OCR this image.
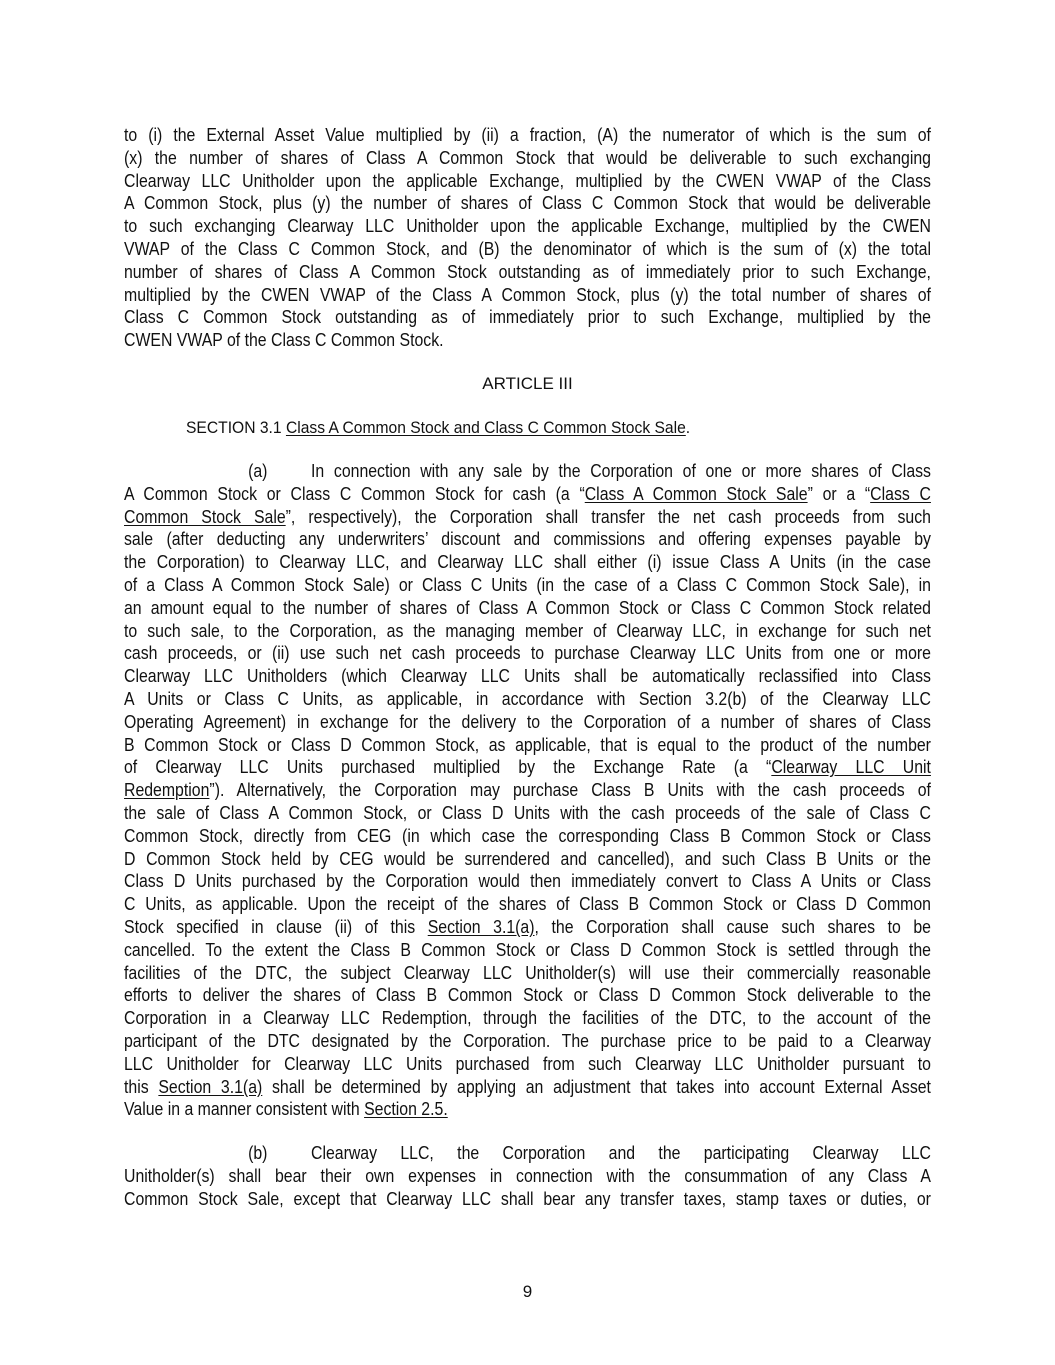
to (i) the External Asset Value multiplied by (ii) a fraction, (A) the numerator of which is the sum of
(x) the number of shares of Class A Common Stock that would be deliverable to such exchanging
Clearway LLC Unitholder upon the applicable Exchange, multiplied by the CWEN VWAP of the Class
A Common Stock, plus (y) the number of shares of Class C Common Stock that would be deliverable
to such exchanging Clearway LLC Unitholder upon the applicable Exchange, multiplied by the CWEN
VWAP of the Class C Common Stock, and (B) the denominator of which is the sum of (x) the total
number of shares of Class A Common Stock outstanding as of immediately prior to such Exchange,
multiplied by the CWEN VWAP of the Class A Common Stock, plus (y) the total number of shares of
Class C Common Stock outstanding as of immediately prior to such Exchange, multiplied by the
CWEN VWAP of the Class C Common Stock.
ARTICLE III
SECTION 3.1 Class A Common Stock and Class C Common Stock Sale.
In connection with any sale by the Corporation of one or more shares of Class
(a)
A Common Stock or Class C Common Stock for cash (a “Class A Common Stock Sale” or a “Class C
Common Stock Sale”, respectively), the Corporation shall transfer the net cash proceeds from such
sale (after deducting any underwriters’ discount and commissions and offering expenses payable by
the Corporation) to Clearway LLC, and Clearway LLC shall either (i) issue Class A Units (in the case
of a Class A Common Stock Sale) or Class C Units (in the case of a Class C Common Stock Sale), in
an amount equal to the number of shares of Class A Common Stock or Class C Common Stock related
to such sale, to the Corporation, as the managing member of Clearway LLC, in exchange for such net
cash proceeds, or (ii) use such net cash proceeds to purchase Clearway LLC Units from one or more
Clearway LLC Unitholders (which Clearway LLC Units shall be automatically reclassified into Class
A Units or Class C Units, as applicable, in accordance with Section 3.2(b) of the Clearway LLC
Operating Agreement) in exchange for the delivery to the Corporation of a number of shares of Class
B Common Stock or Class D Common Stock, as applicable, that is equal to the product of the number
of Clearway LLC Units purchased multiplied by the Exchange Rate (a “Clearway LLC Unit
Redemption”). Alternatively, the Corporation may purchase Class B Units with the cash proceeds of
the sale of Class A Common Stock, or Class D Units with the cash proceeds of the sale of Class C
Common Stock, directly from CEG (in which case the corresponding Class B Common Stock or Class
D Common Stock held by CEG would be surrendered and cancelled), and such Class B Units or the
Class D Units purchased by the Corporation would then immediately convert to Class A Units or Class
C Units, as applicable. Upon the receipt of the shares of Class B Common Stock or Class D Common
Stock specified in clause (ii) of this Section 3.1(a), the Corporation shall cause such shares to be
cancelled. To the extent the Class B Common Stock or Class D Common Stock is settled through the
facilities of the DTC, the subject Clearway LLC Unitholder(s) will use their commercially reasonable
efforts to deliver the shares of Class B Common Stock or Class D Common Stock deliverable to the
Corporation in a Clearway LLC Redemption, through the facilities of the DTC, to the account of the
participant of the DTC designated by the Corporation. The purchase price to be paid to a Clearway
LLC Unitholder for Clearway LLC Units purchased from such Clearway LLC Unitholder pursuant to
this Section 3.1(a) shall be determined by applying an adjustment that takes into account External Asset
Value in a manner consistent with Section 2.5.
Clearway LLC, the Corporation and the participating Clearway LLC
(b)
Unitholder(s) shall bear their own expenses in connection with the consummation of any Class A
Common Stock Sale, except that Clearway LLC shall bear any transfer taxes, stamp taxes or duties, or
9
